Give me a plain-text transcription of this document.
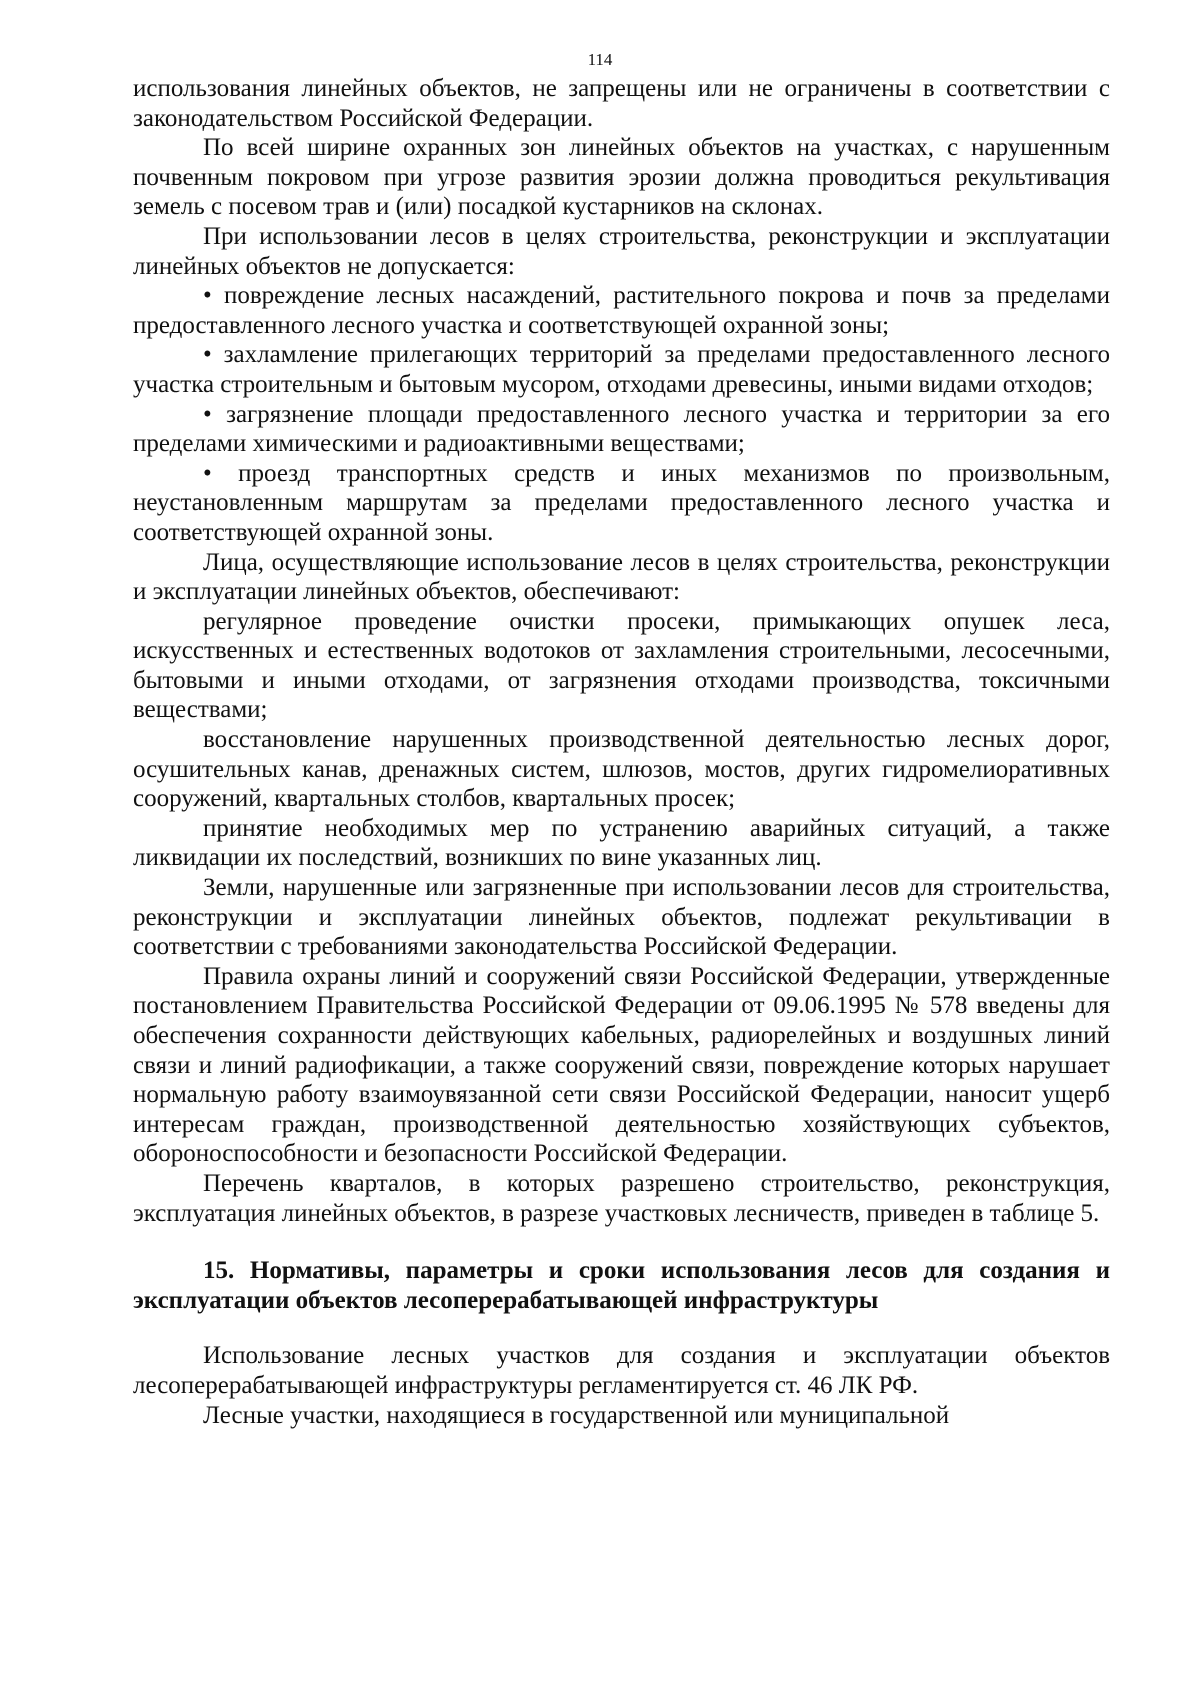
114

использования линейных объектов, не запрещены или не ограничены в соответствии с законодательством Российской Федерации.

По всей ширине охранных зон линейных объектов на участках, с нарушенным почвенным покровом при угрозе развития эрозии должна проводиться рекультивация земель с посевом трав и (или) посадкой кустарников на склонах.

При использовании лесов в целях строительства, реконструкции и эксплуатации линейных объектов не допускается:

• повреждение лесных насаждений, растительного покрова и почв за пределами предоставленного лесного участка и соответствующей охранной зоны;

• захламление прилегающих территорий за пределами предоставленного лесного участка строительным и бытовым мусором, отходами древесины, иными видами отходов;

• загрязнение площади предоставленного лесного участка и территории за его пределами химическими и радиоактивными веществами;

• проезд транспортных средств и иных механизмов по произвольным, неустановленным маршрутам за пределами предоставленного лесного участка и соответствующей охранной зоны.

Лица, осуществляющие использование лесов в целях строительства, реконструкции и эксплуатации линейных объектов, обеспечивают:

регулярное проведение очистки просеки, примыкающих опушек леса, искусственных и естественных водотоков от захламления строительными, лесосечными, бытовыми и иными отходами, от загрязнения отходами производства, токсичными веществами;

восстановление нарушенных производственной деятельностью лесных дорог, осушительных канав, дренажных систем, шлюзов, мостов, других гидромелиоративных сооружений, квартальных столбов, квартальных просек;

принятие необходимых мер по устранению аварийных ситуаций, а также ликвидации их последствий, возникших по вине указанных лиц.

Земли, нарушенные или загрязненные при использовании лесов для строительства, реконструкции и эксплуатации линейных объектов, подлежат рекультивации в соответствии с требованиями законодательства Российской Федерации.

Правила охраны линий и сооружений связи Российской Федерации, утвержденные постановлением Правительства Российской Федерации от 09.06.1995 № 578 введены для обеспечения сохранности действующих кабельных, радиорелейных и воздушных линий связи и линий радиофикации, а также сооружений связи, повреждение которых нарушает нормальную работу взаимоувязанной сети связи Российской Федерации, наносит ущерб интересам граждан, производственной деятельностью хозяйствующих субъектов, обороноспособности и безопасности Российской Федерации.

Перечень кварталов, в которых разрешено строительство, реконструкция, эксплуатация линейных объектов, в разрезе участковых лесничеств, приведен в таблице 5.

15. Нормативы, параметры и сроки использования лесов для создания и эксплуатации объектов лесоперерабатывающей инфраструктуры

Использование лесных участков для создания и эксплуатации объектов лесоперерабатывающей инфраструктуры регламентируется ст. 46 ЛК РФ.

Лесные участки, находящиеся в государственной или муниципальной
